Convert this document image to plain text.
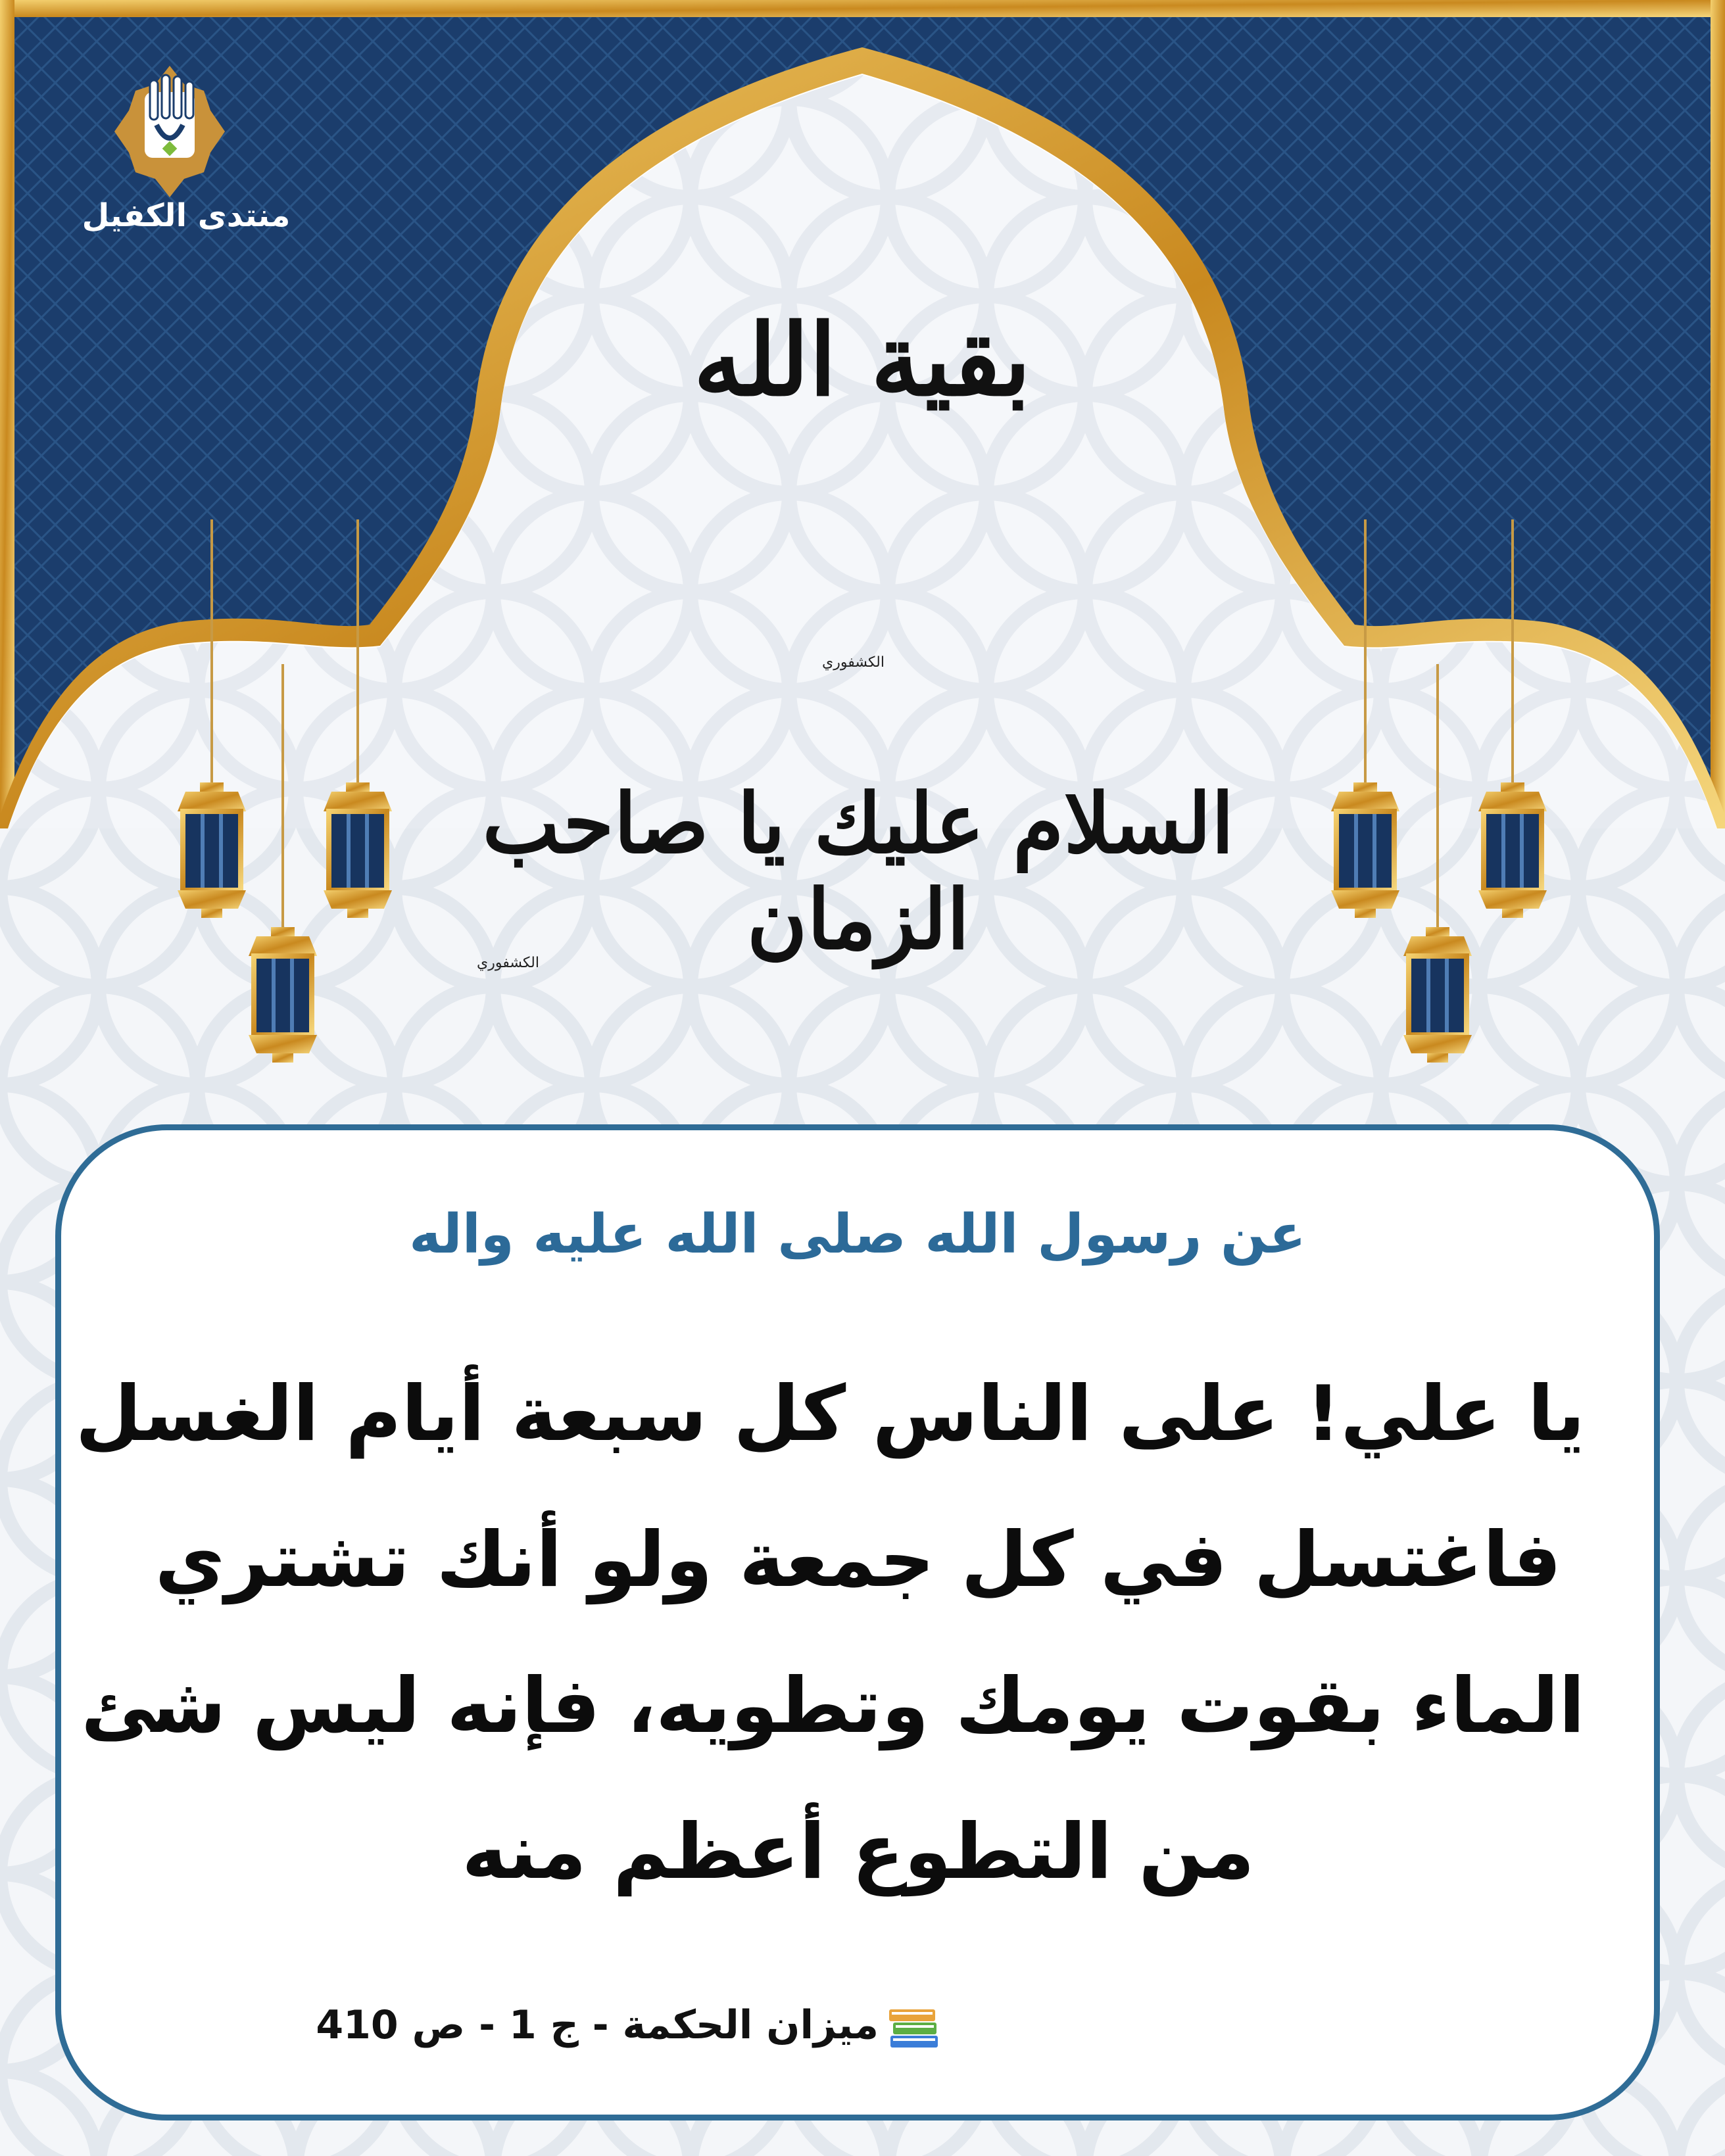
منتدى الكفيل
بقية الله
الكشفوري
السلام عليك يا صاحب الزمان
الكشفوري
عن رسول الله صلى الله عليه واله
يا علي! على الناس كل سبعة أيام الغسل
فاغتسل في كل جمعة ولو أنك تشتري
الماء بقوت يومك وتطويه، فإنه ليس شئ
من التطوع أعظم منه
ميزان الحكمة - ج 1 - ص 410
